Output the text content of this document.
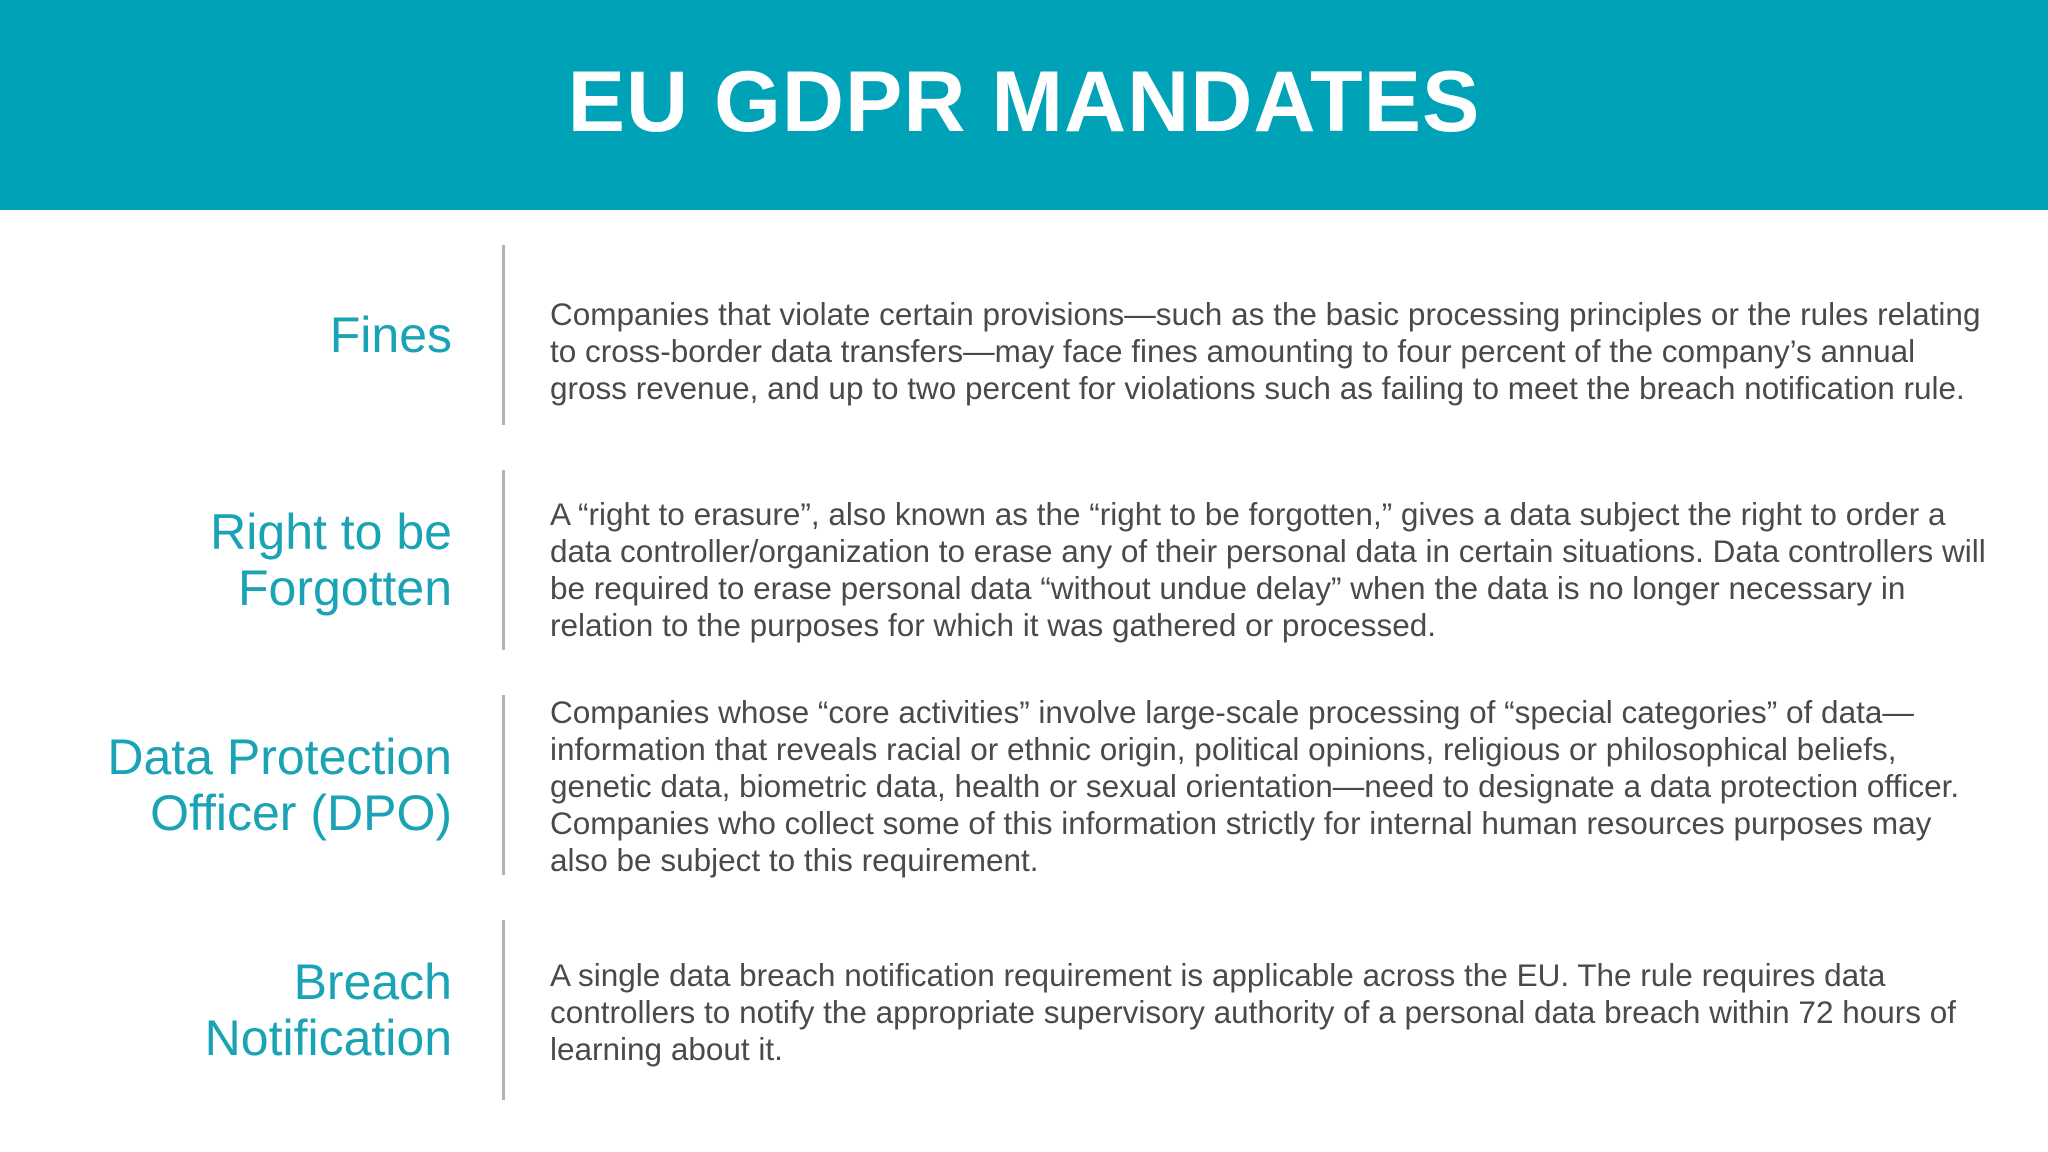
EU GDPR MANDATES
Fines	Companies that violate certain provisions—such as the basic processing principles or the rules relating to cross-border data transfers—may face fines amounting to four percent of the company’s annual gross revenue, and up to two percent for violations such as failing to meet the breach notification rule.
Right to be
Forgotten
A “right to erasure”, also known as the “right to be forgotten,” gives a data subject the right to order a data controller/organization to erase any of their personal data in certain situations. Data controllers will be required to erase personal data “without undue delay” when the data is no longer necessary in relation to the purposes for which it was gathered or processed.
Data Protection
Officer (DPO)
Companies whose “core activities” involve large-scale processing of “special categories” of data—information that reveals racial or ethnic origin, political opinions, religious or philosophical beliefs, genetic data, biometric data, health or sexual orientation—need to designate a data protection officer. Companies who collect some of this information strictly for internal human resources purposes may also be subject to this requirement.
Breach
Notification
A single data breach notification requirement is applicable across the EU. The rule requires data controllers to notify the appropriate supervisory authority of a personal data breach within 72 hours of learning about it.
